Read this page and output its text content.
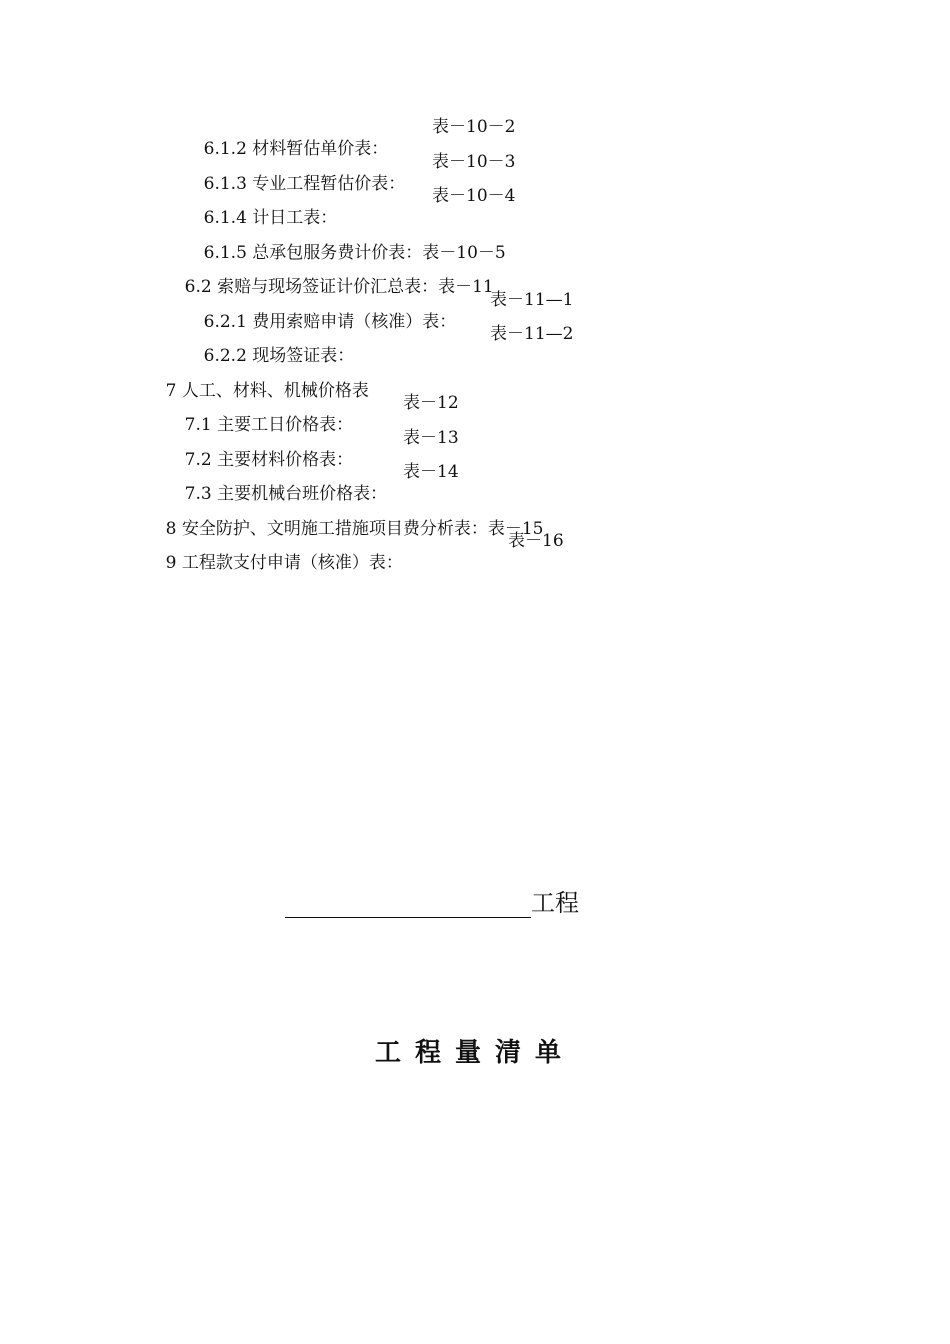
6.1.2 材料暂估单价表：

表－10－2

6.1.3 专业工程暂估价表：

表－10－3

6.1.4 计日工表：

表－10－4

6.1.5 总承包服务费计价表：表－10－5

6.2 索赔与现场签证计价汇总表：表－11

6.2.1 费用索赔申请（核准）表：

表－11—1

6.2.2 现场签证表：

表－11—2

7 人工、材料、机械价格表

7.1 主要工日价格表：

表－12

7.2 主要材料价格表：

表－13

7.3 主要机械台班价格表：

表－14

8 安全防护、文明施工措施项目费分析表：表－15

9 工程款支付申请（核准）表：

表－16
工程
工程量清单
